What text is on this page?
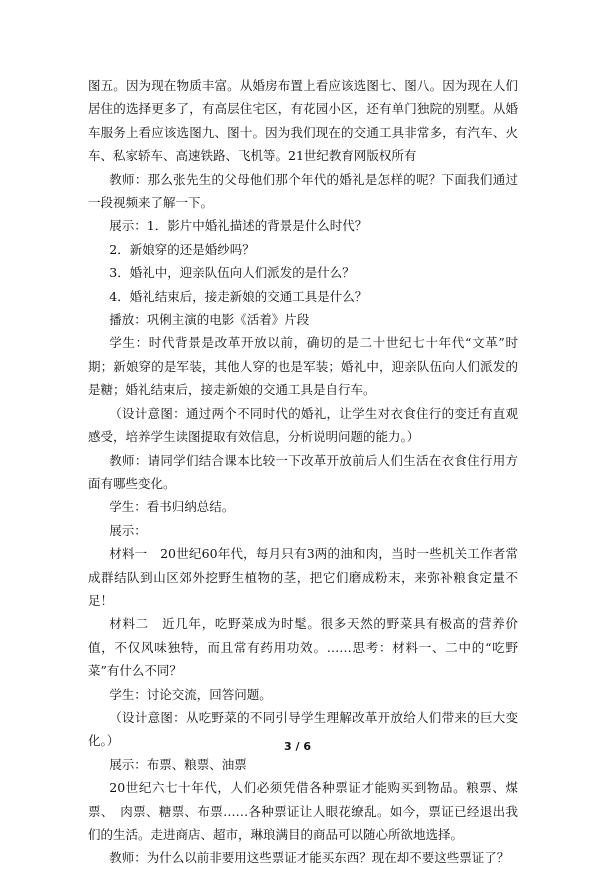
图五。因为现在物质丰富。从婚房布置上看应该选图七、图八。因为现在人们居住的选择更多了，有高层住宅区，有花园小区，还有单门独院的别墅。从婚车服务上看应该选图九、图十。因为我们现在的交通工具非常多，有汽车、火车、私家轿车、高速铁路、飞机等。21世纪教育网版权所有

教师：那么张先生的父母他们那个年代的婚礼是怎样的呢？下面我们通过一段视频来了解一下。

展示：1．影片中婚礼描述的背景是什么时代？

2．新娘穿的还是婚纱吗？

3．婚礼中，迎亲队伍向人们派发的是什么？

4．婚礼结束后，接走新娘的交通工具是什么？

播放：巩俐主演的电影《活着》片段

学生：时代背景是改革开放以前，确切的是二十世纪七十年代“文革”时期；新娘穿的是军装，其他人穿的也是军装；婚礼中，迎亲队伍向人们派发的是糖；婚礼结束后，接走新娘的交通工具是自行车。

（设计意图：通过两个不同时代的婚礼，让学生对衣食住行的变迁有直观感受，培养学生读图提取有效信息，分析说明问题的能力。）

教师：请同学们结合课本比较一下改革开放前后人们生活在衣食住行用方面有哪些变化。

学生：看书归纳总结。

展示：

材料一　20世纪60年代，每月只有3两的油和肉，当时一些机关工作者常成群结队到山区郊外挖野生植物的茎，把它们磨成粉末，来弥补粮食定量不足！

材料二　近几年，吃野菜成为时髦。很多天然的野菜具有极高的营养价值，不仅风味独特，而且常有药用功效。……思考：材料一、二中的“吃野菜”有什么不同？

学生：讨论交流，回答问题。

（设计意图：从吃野菜的不同引导学生理解改革开放给人们带来的巨大变化。）

展示：布票、粮票、油票

20世纪六七十年代，人们必须凭借各种票证才能购买到物品。粮票、煤票、　肉票、糖票、布票……各种票证让人眼花缭乱。如今，票证已经退出我们的生活。走进商店、超市，琳琅满目的商品可以随心所欲地选择。

教师：为什么以前非要用这些票证才能买东西？现在却不要这些票证了？

3 / 6
